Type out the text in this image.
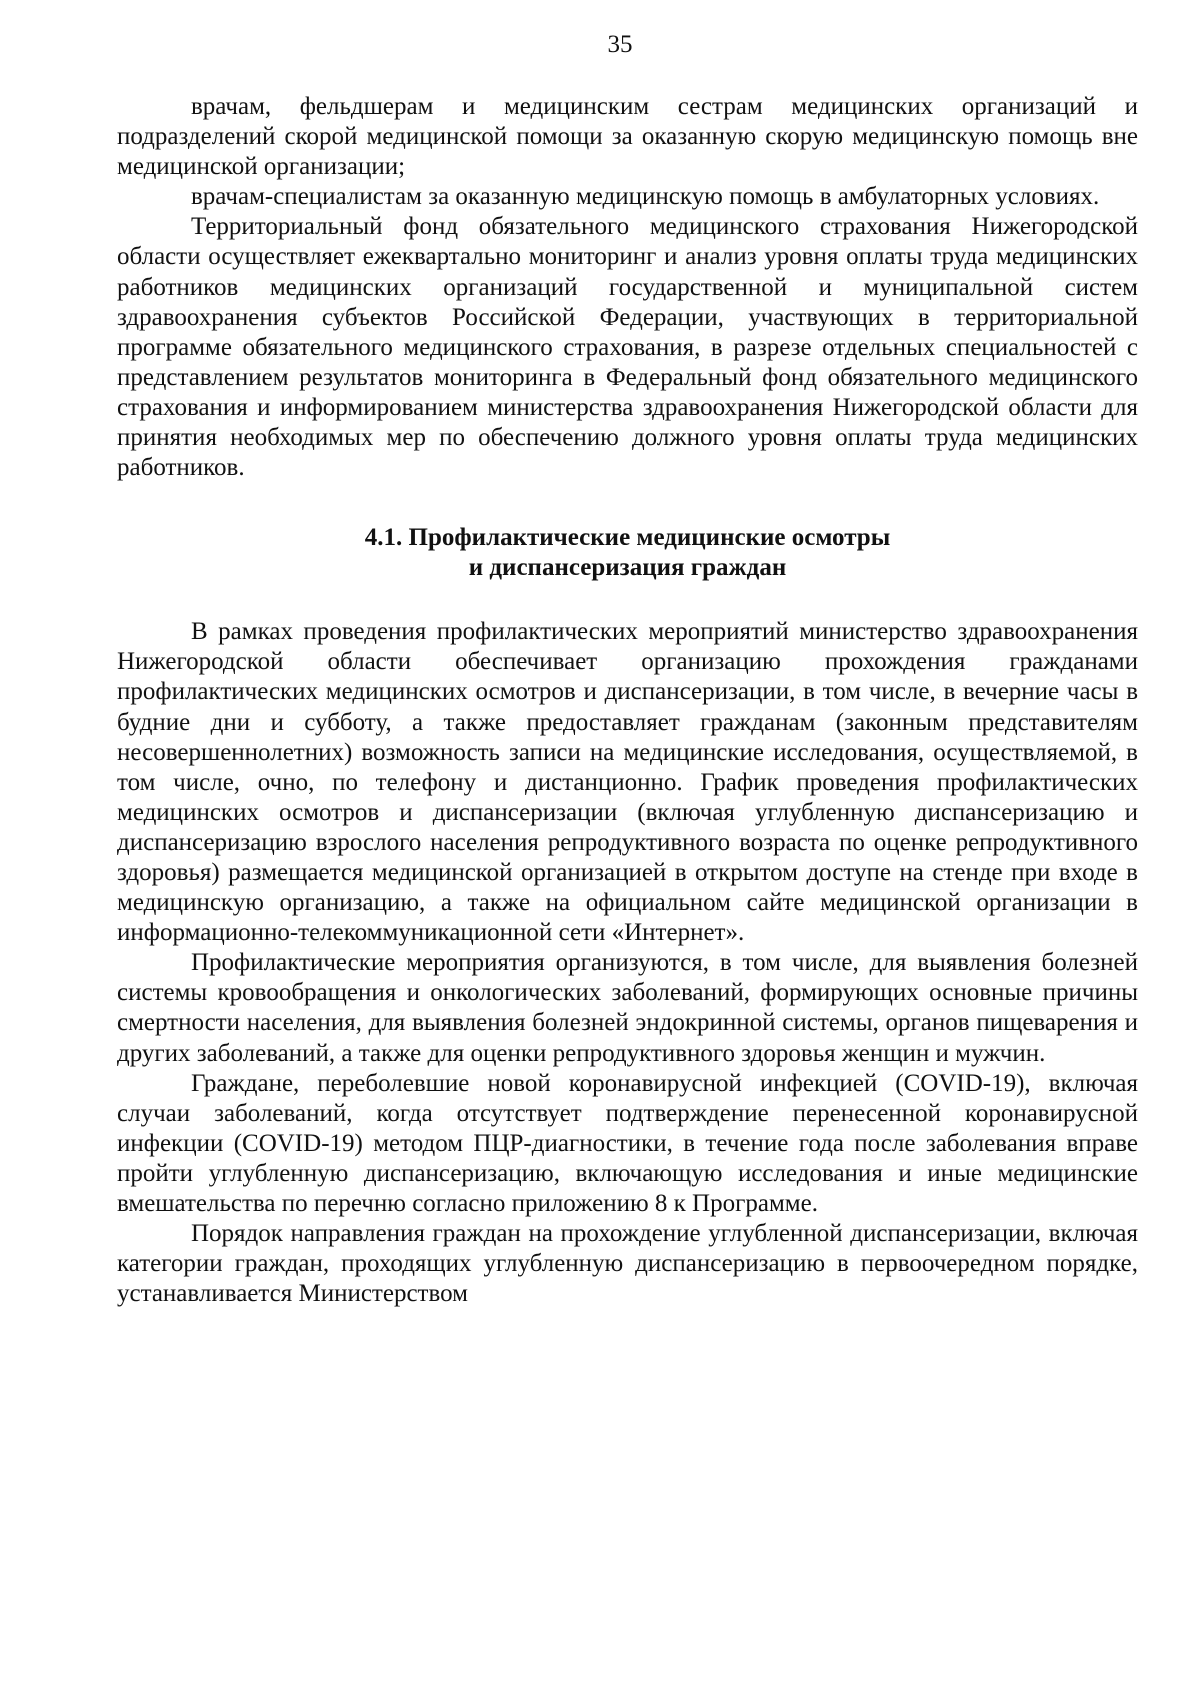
35

врачам, фельдшерам и медицинским сестрам медицинских организаций и подразделений скорой медицинской помощи за оказанную скорую медицинскую помощь вне медицинской организации;

врачам-специалистам за оказанную медицинскую помощь в амбулаторных условиях.

Территориальный фонд обязательного медицинского страхования Нижегородской области осуществляет ежеквартально мониторинг и анализ уровня оплаты труда медицинских работников медицинских организаций государственной и муниципальной систем здравоохранения субъектов Российской Федерации, участвующих в территориальной программе обязательного медицинского страхования, в разрезе отдельных специальностей с представлением результатов мониторинга в Федеральный фонд обязательного медицинского страхования и информированием министерства здравоохранения Нижегородской области для принятия необходимых мер по обеспечению должного уровня оплаты труда медицинских работников.

4.1. Профилактические медицинские осмотры
и диспансеризация граждан

В рамках проведения профилактических мероприятий министерство здравоохранения Нижегородской области обеспечивает организацию прохождения гражданами профилактических медицинских осмотров и диспансеризации, в том числе, в вечерние часы в будние дни и субботу, а также предоставляет гражданам (законным представителям несовершеннолетних) возможность записи на медицинские исследования, осуществляемой, в том числе, очно, по телефону и дистанционно. График проведения профилактических медицинских осмотров и диспансеризации (включая углубленную диспансеризацию и диспансеризацию взрослого населения репродуктивного возраста по оценке репродуктивного здоровья) размещается медицинской организацией в открытом доступе на стенде при входе в медицинскую организацию, а также на официальном сайте медицинской организации в информационно-телекоммуникационной сети «Интернет».

Профилактические мероприятия организуются, в том числе, для выявления болезней системы кровообращения и онкологических заболеваний, формирующих основные причины смертности населения, для выявления болезней эндокринной системы, органов пищеварения и других заболеваний, а также для оценки репродуктивного здоровья женщин и мужчин.

Граждане, переболевшие новой коронавирусной инфекцией (COVID-19), включая случаи заболеваний, когда отсутствует подтверждение перенесенной коронавирусной инфекции (COVID-19) методом ПЦР-диагностики, в течение года после заболевания вправе пройти углубленную диспансеризацию, включающую исследования и иные медицинские вмешательства по перечню согласно приложению 8 к Программе.

Порядок направления граждан на прохождение углубленной диспансеризации, включая категории граждан, проходящих углубленную диспансеризацию в первоочередном порядке, устанавливается Министерством
